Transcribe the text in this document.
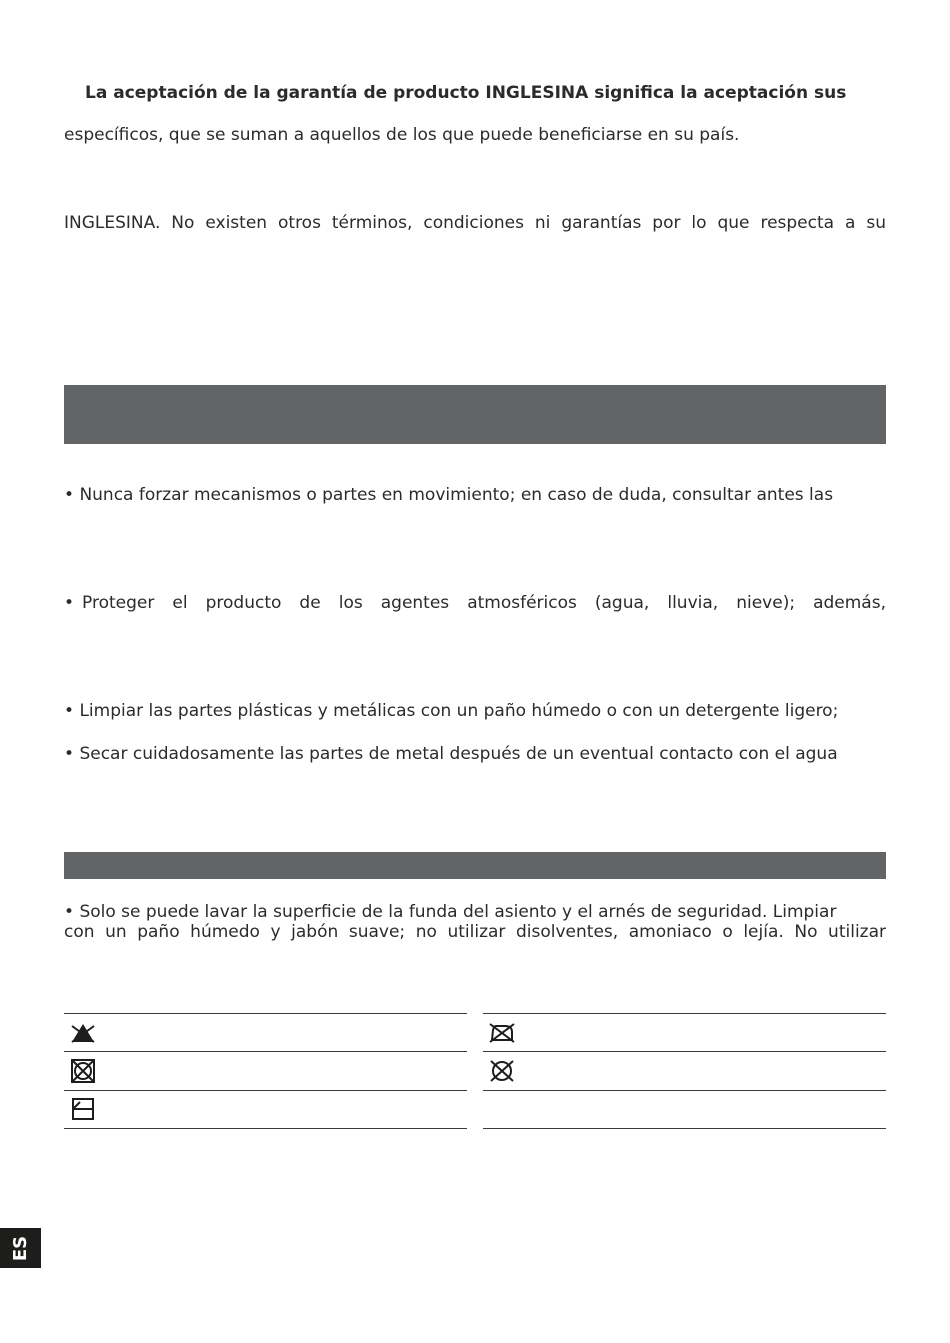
La aceptación de la garantía de producto INGLESINA significa la aceptación sus
específicos, que se suman a aquellos de los que puede beneficiarse en su país.
INGLESINA. No existen otros términos, condiciones ni garantías por lo que respecta a su
• Nunca forzar mecanismos o partes en movimiento; en caso de duda, consultar antes las
• Proteger el producto de los agentes atmosféricos (agua, lluvia, nieve); además,
• Limpiar las partes plásticas y metálicas con un paño húmedo o con un detergente ligero;
• Secar cuidadosamente las partes de metal después de un eventual contacto con el agua
• Solo se puede lavar la superficie de la funda del asiento y el arnés de seguridad. Limpiar
con un paño húmedo y jabón suave; no utilizar disolventes, amoniaco o lejía. No utilizar
ES
